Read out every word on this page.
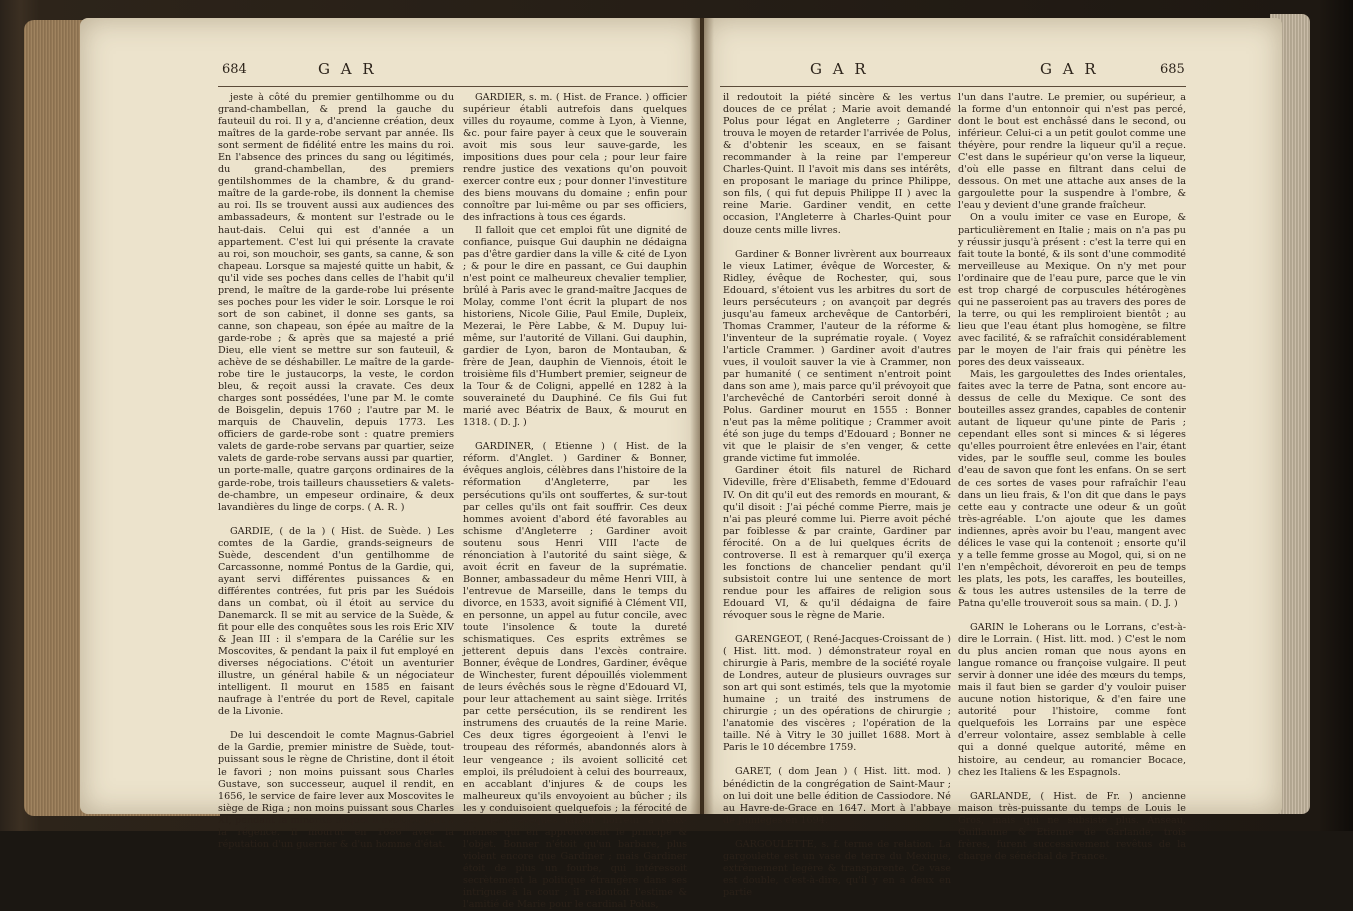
684	G A R	G A R	G A R	685

jeste à côté du premier gentilhomme ou du grand-chambellan, & prend la gauche du fauteuil du roi. Il y a, d'ancienne création, deux maîtres de la garde-robe servant par année. Ils sont serment de fidélité entre les mains du roi. En l'absence des princes du sang ou légitimés, du grand-chambellan, des premiers gentilshommes de la chambre, & du grand-maître de la garde-robe, ils donnent la chemise au roi. Ils se trouvent aussi aux audiences des ambassadeurs, & montent sur l'estrade ou le haut-dais. Celui qui est d'année a un appartement. C'est lui qui présente la cravate au roi, son mouchoir, ses gants, sa canne, & son chapeau. Lorsque sa majesté quitte un habit, & qu'il vide ses poches dans celles de l'habit qu'il prend, le maître de la garde-robe lui présente ses poches pour les vider le soir. Lorsque le roi sort de son cabinet, il donne ses gants, sa canne, son chapeau, son épée au maître de la garde-robe ; & après que sa majesté a prié Dieu, elle vient se mettre sur son fauteuil, & achève de se déshabiller. Le maître de la garde-robe tire le justaucorps, la veste, le cordon bleu, & reçoit aussi la cravate. Ces deux charges sont possédées, l'une par M. le comte de Boisgelin, depuis 1760 ; l'autre par M. le marquis de Chauvelin, depuis 1773. Les officiers de garde-robe sont : quatre premiers valets de garde-robe servans par quartier, seize valets de garde-robe servans aussi par quartier, un porte-malle, quatre garçons ordinaires de la garde-robe, trois tailleurs chaussetiers & valets-de-chambre, un empeseur ordinaire, & deux lavandières du linge de corps. ( A. R. )

GARDIE, ( de la ) ( Hist. de Suède. ) Les comtes de la Gardie, grands-seigneurs de Suède, descendent d'un gentilhomme de Carcassonne, nommé Pontus de la Gardie, qui, ayant servi différentes puissances & en différentes contrées, fut pris par les Suédois dans un combat, où il étoit au service du Danemarck. Il se mit au service de la Suède, & fit pour elle des conquêtes sous les rois Eric XIV & Jean III : il s'empara de la Carélie sur les Moscovites, & pendant la paix il fut employé en diverses négociations. C'étoit un aventurier illustre, un général habile & un négociateur intelligent. Il mourut en 1585 en faisant naufrage à l'entrée du port de Revel, capitale de la Livonie.

De lui descendoit le comte Magnus-Gabriel de la Gardie, premier ministre de Suède, tout-puissant sous le règne de Christine, dont il étoit le favori ; non moins puissant sous Charles Gustave, son successeur, auquel il rendit, en 1656, le service de faire lever aux Moscovites le siège de Riga ; non moins puissant sous Charles XI, pendant la minorité duquel il avoit eu part à la régence. Il mourut en 1686 avec la réputation d'un guerrier & d'un homme d'état.

GARDIER, s. m. ( Hist. de France. ) officier supérieur établi autrefois dans quelques villes du royaume, comme à Lyon, à Vienne, &c. pour faire payer à ceux que le souverain avoit mis sous leur sauve-garde, les impositions dues pour cela ; pour leur faire rendre justice des vexations qu'on pouvoit exercer contre eux ; pour donner l'investiture des biens mouvans du domaine ; enfin pour connoître par lui-même ou par ses officiers, des infractions à tous ces égards.

Il falloit que cet emploi fût une dignité de confiance, puisque Gui dauphin ne dédaigna pas d'être gardier dans la ville & cité de Lyon ; & pour le dire en passant, ce Gui dauphin n'est point ce malheureux chevalier templier, brûlé à Paris avec le grand-maître Jacques de Molay, comme l'ont écrit la plupart de nos historiens, Nicole Gilie, Paul Emile, Dupleix, Mezerai, le Père Labbe, & M. Dupuy lui-même, sur l'autorité de Villani. Gui dauphin, gardier de Lyon, baron de Montauban, & frère de Jean, dauphin de Viennois, étoit le troisième fils d'Humbert premier, seigneur de la Tour & de Coligni, appellé en 1282 à la souveraineté du Dauphiné. Ce fils Gui fut marié avec Béatrix de Baux, & mourut en 1318. ( D. J. )

GARDINER, ( Etienne ) ( Hist. de la réform. d'Anglet. ) Gardiner & Bonner, évêques anglois, célèbres dans l'histoire de la réformation d'Angleterre, par les persécutions qu'ils ont souffertes, & sur-tout par celles qu'ils ont fait souffrir. Ces deux hommes avoient d'abord été favorables au schisme d'Angleterre ; Gardiner avoit soutenu sous Henri VIII l'acte de rénonciation à l'autorité du saint siège, & avoit écrit en faveur de la suprématie. Bonner, ambassadeur du même Henri VIII, à l'entrevue de Marseille, dans le temps du divorce, en 1533, avoit signifié à Clément VII, en personne, un appel au futur concile, avec toute l'insolence & toute la dureté schismatiques. Ces esprits extrêmes se jetterent depuis dans l'excès contraire. Bonner, évêque de Londres, Gardiner, évêque de Winchester, furent dépouillés violemment de leurs évêchés sous le règne d'Edouard VI, pour leur attachement au saint siège. Irrités par cette persécution, ils se rendirent les instrumens des cruautés de la reine Marie. Ces deux tigres égorgeoient à l'envi le troupeau des réformés, abandonnés alors à leur vengeance ; ils avoient sollicité cet emploi, ils préludoient à celui des bourreaux, en accablant d'injures & de coups les malheureux qu'ils envoyoient au bûcher ; ils les y conduisoient quelquefois ; la férocité de ces deux évêques faisoit horreur à ceux-mêmes qui en approuvoient le principe & l'objet. Bonner n'étoit qu'un barbare, plus violent encore que Gardiner ; mais Gardiner étoit de plus un fourbe, qui intéressoit secrètement la politique étrangère dans ses intrigues à la cour ; il redoutoit l'estime & l'amitié de Marie pour le cardinal Polus,

il redoutoit la piété sincère & les vertus douces de ce prélat ; Marie avoit demandé Polus pour légat en Angleterre ; Gardiner trouva le moyen de retarder l'arrivée de Polus, & d'obtenir les sceaux, en se faisant recommander à la reine par l'empereur Charles-Quint. Il l'avoit mis dans ses intérêts, en proposant le mariage du prince Philippe, son fils, ( qui fut depuis Philippe II ) avec la reine Marie. Gardiner vendit, en cette occasion, l'Angleterre à Charles-Quint pour douze cents mille livres.

Gardiner & Bonner livrèrent aux bourreaux le vieux Latimer, évêque de Worcester, & Ridley, évêque de Rochester, qui, sous Edouard, s'étoient vus les arbitres du sort de leurs persécuteurs ; on avançoit par degrés jusqu'au fameux archevêque de Cantorbéri, Thomas Crammer, l'auteur de la réforme & l'inventeur de la suprématie royale. ( Voyez l'article Crammer. ) Gardiner avoit d'autres vues, il vouloit sauver la vie à Crammer, non par humanité ( ce sentiment n'entroit point dans son ame ), mais parce qu'il prévoyoit que l'archevêché de Cantorbéri seroit donné à Polus. Gardiner mourut en 1555 : Bonner n'eut pas la même politique ; Crammer avoit été son juge du temps d'Edouard ; Bonner ne vit que le plaisir de s'en venger, & cette grande victime fut immolée.

Gardiner étoit fils naturel de Richard Videville, frère d'Elisabeth, femme d'Edouard IV. On dit qu'il eut des remords en mourant, & qu'il disoit : J'ai péché comme Pierre, mais je n'ai pas pleuré comme lui. Pierre avoit péché par foiblesse & par crainte, Gardiner par férocité. On a de lui quelques écrits de controverse. Il est à remarquer qu'il exerça les fonctions de chancelier pendant qu'il subsistoit contre lui une sentence de mort rendue pour les affaires de religion sous Edouard VI, & qu'il dédaigna de faire révoquer sous le règne de Marie.

GARENGEOT, ( René-Jacques-Croissant de ) ( Hist. litt. mod. ) démonstrateur royal en chirurgie à Paris, membre de la société royale de Londres, auteur de plusieurs ouvrages sur son art qui sont estimés, tels que la myotomie humaine ; un traité des instrumens de chirurgie ; un des opérations de chirurgie ; l'anatomie des viscères ; l'opération de la taille. Né à Vitry le 30 juillet 1688. Mort à Paris le 10 décembre 1759.

GARET, ( dom Jean ) ( Hist. litt. mod. ) bénédictin de la congrégation de Saint-Maur ; on lui doit une belle édition de Cassiodore. Né au Havre-de-Grace en 1647. Mort à l'abbaye de Jumièges en 1694.

GARGOULETTE, s. f. terme de relation. La gargoulette est un vase de terre du Mexique, extrêmement legère & transparente. Ce vase est double, c'est-à-dire, qu'il y en a deux en partie

l'un dans l'autre. Le premier, ou supérieur, a la forme d'un entonnoir qui n'est pas percé, dont le bout est enchâssé dans le second, ou inférieur. Celui-ci a un petit goulot comme une théyère, pour rendre la liqueur qu'il a reçue. C'est dans le supérieur qu'on verse la liqueur, d'où elle passe en filtrant dans celui de dessous. On met une attache aux anses de la gargoulette pour la suspendre à l'ombre, & l'eau y devient d'une grande fraîcheur.

On a voulu imiter ce vase en Europe, & particulièrement en Italie ; mais on n'a pas pu y réussir jusqu'à présent : c'est la terre qui en fait toute la bonté, & ils sont d'une commodité merveilleuse au Mexique. On n'y met pour l'ordinaire que de l'eau pure, parce que le vin est trop chargé de corpuscules hétérogènes qui ne passeroient pas au travers des pores de la terre, ou qui les rempliroient bientôt ; au lieu que l'eau étant plus homogène, se filtre avec facilité, & se rafraîchit considérablement par le moyen de l'air frais qui pénètre les pores des deux vaisseaux.

Mais, les gargoulettes des Indes orientales, faites avec la terre de Patna, sont encore au-dessus de celle du Mexique. Ce sont des bouteilles assez grandes, capables de contenir autant de liqueur qu'une pinte de Paris ; cependant elles sont si minces & si légeres qu'elles pourroient être enlevées en l'air, étant vides, par le souffle seul, comme les boules d'eau de savon que font les enfans. On se sert de ces sortes de vases pour rafraîchir l'eau dans un lieu frais, & l'on dit que dans le pays cette eau y contracte une odeur & un goût très-agréable. L'on ajoute que les dames indiennes, après avoir bu l'eau, mangent avec délices le vase qui la contenoit ; ensorte qu'il y a telle femme grosse au Mogol, qui, si on ne l'en n'empêchoit, dévoreroit en peu de temps les plats, les pots, les caraffes, les bouteilles, & tous les autres ustensiles de la terre de Patna qu'elle trouveroit sous sa main. ( D. J. )

GARIN le Loherans ou le Lorrans, c'est-à-dire le Lorrain. ( Hist. litt. mod. ) C'est le nom du plus ancien roman que nous ayons en langue romance ou françoise vulgaire. Il peut servir à donner une idée des mœurs du temps, mais il faut bien se garder d'y vouloir puiser aucune notion historique, & d'en faire une autorité pour l'histoire, comme font quelquefois les Lorrains par une espèce d'erreur volontaire, assez semblable à celle qui a donné quelque autorité, même en histoire, au cendeur, au romancier Bocace, chez les Italiens & les Espagnols.

GARLANDE, ( Hist. de Fr. ) ancienne maison très-puissante du temps de Louis le Gros, mais qui ne subsiste plus. Anseau, Guillaume & Etienne de Garlande, trois frères, furent successivement revêtus de la charge de sénéchal de France.
